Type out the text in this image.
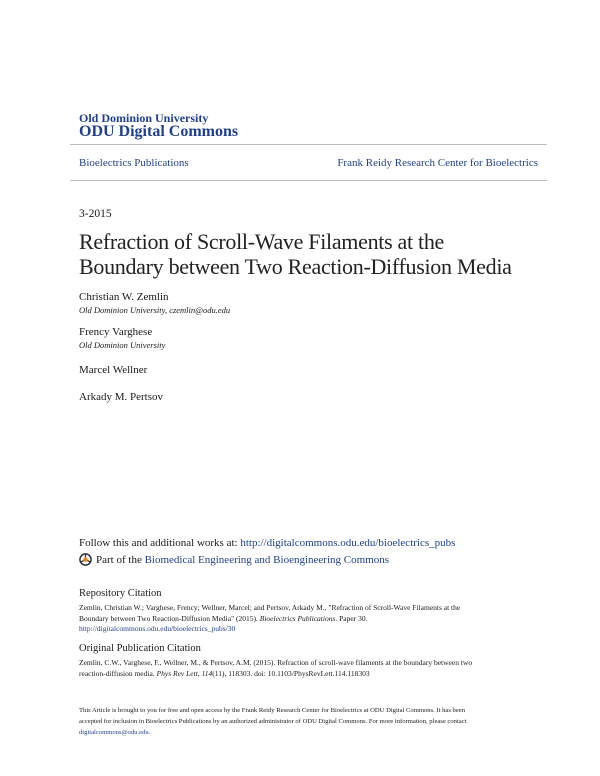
Old Dominion University
ODU Digital Commons
Bioelectrics Publications	Frank Reidy Research Center for Bioelectrics
3-2015
Refraction of Scroll-Wave Filaments at the
Boundary between Two Reaction-Diffusion Media
Christian W. Zemlin
Old Dominion University, czemlin@odu.edu
Frency Varghese
Old Dominion University
Marcel Wellner
Arkady M. Pertsov
Follow this and additional works at: http://digitalcommons.odu.edu/bioelectrics_pubs
Part of the
Biomedical Engineering and Bioengineering Commons
Repository Citation
Zemlin, Christian W.; Varghese, Frency; Wellner, Marcel; and Pertsov, Arkady M., "Refraction of Scroll-Wave Filaments at the
Boundary between Two Reaction-Diffusion Media" (2015). Bioelectrics Publications. Paper 30.
http://digitalcommons.odu.edu/bioelectrics_pubs/30
Original Publication Citation
Zemlin, C.W., Varghese, F., Wellner, M., & Pertsov, A.M. (2015). Refraction of scroll-wave filaments at the boundary between two
reaction-diffusion media. Phys Rev Lett, 114(11), 118303. doi: 10.1103/PhysRevLett.114.118303
This Article is brought to you for free and open access by the Frank Reidy Research Center for Bioelectrics at ODU Digital Commons. It has been
accepted for inclusion in Bioelectrics Publications by an authorized administrator of ODU Digital Commons. For more information, please contact
digitalcommons@odu.edu.
